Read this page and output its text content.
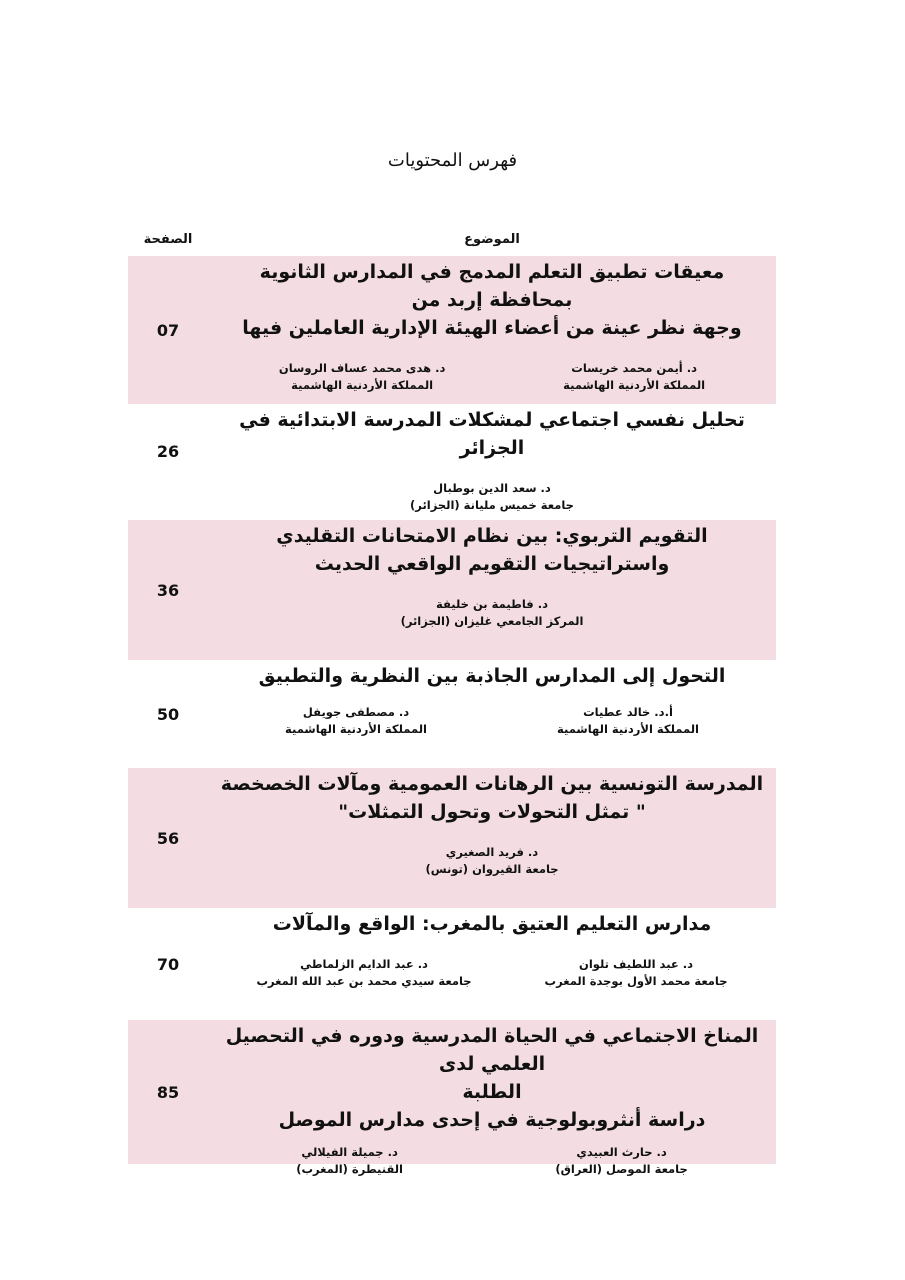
فهرس المحتويات
الصفحة	الموضوع
07
معيقات تطبيق التعلم المدمج في المدارس الثانوية بمحافظة إربد من
وجهة نظر عينة من أعضاء الهيئة الإدارية العاملين فيها
د. أيمن محمد خريسات
المملكة الأردنية الهاشمية
د. هدى محمد عساف الروسان
المملكة الأردنية الهاشمية
26
تحليل نفسي اجتماعي لمشكلات المدرسة الابتدائية في الجزائر
د. سعد الدين بوطبال
جامعة خميس مليانة (الجزائر)
36
التقويم التربوي: بين نظام الامتحانات التقليدي
واستراتيجيات التقويم الواقعي الحديث
د. فاطيمة بن خليفة
المركز الجامعي غليزان (الجزائر)
50
التحول إلى المدارس الجاذبة بين النظرية والتطبيق
أ.د. خالد عطيات
المملكة الأردنية الهاشمية
د. مصطفى جويفل
المملكة الأردنية الهاشمية
56
المدرسة التونسية بين الرهانات العمومية ومآلات الخصخصة
" تمثل التحولات وتحول التمثلات"
د. فريد الصغيري
جامعة القيروان (تونس)
70
مدارس التعليم العتيق بالمغرب: الواقع والمآلات
د. عبد اللطيف تلوان
جامعة محمد الأول بوجدة المغرب
د. عبد الدايم الزلماطي
جامعة سيدي محمد بن عبد الله المغرب
85
المناخ الاجتماعي في الحياة المدرسية ودوره في التحصيل العلمي لدى
الطلبة
دراسة أنثروبولوجية في إحدى مدارس الموصل
د. حارث العبيدي
جامعة الموصل (العراق)
د. جميلة الفيلالي
القنيطرة (المغرب)
